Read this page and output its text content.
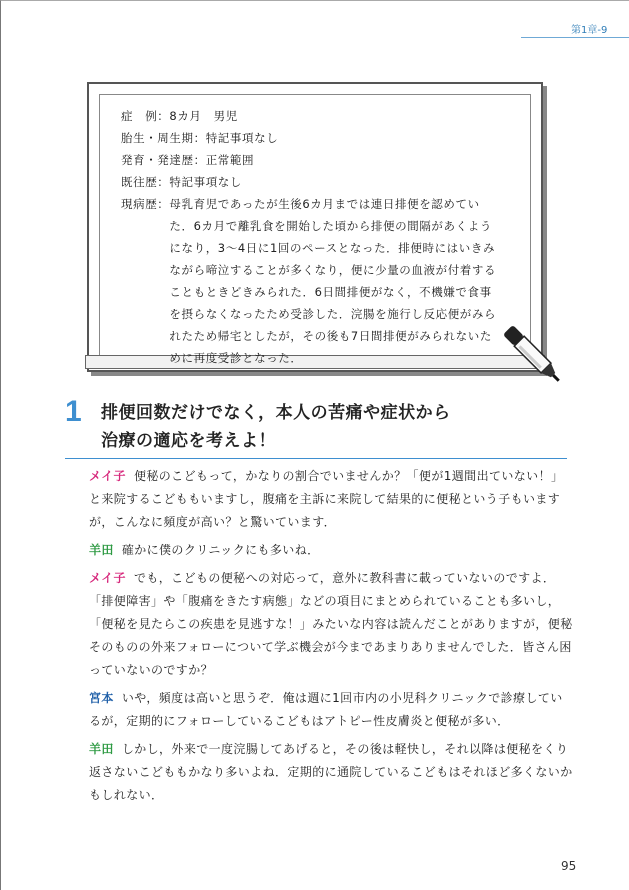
第1章-9
症　例： 8カ月　男児
胎生・周生期： 特記事項なし
発育・発達歴： 正常範囲
既往歴： 特記事項なし
現病歴： 母乳育児であったが生後6カ月までは連日排便を認めていた．6カ月で離乳食を開始した頃から排便の間隔があくようになり，3～4日に1回のペースとなった．排便時にはいきみながら啼泣することが多くなり，便に少量の血液が付着することもときどきみられた．6日間排便がなく，不機嫌で食事を摂らなくなったため受診した．浣腸を施行し反応便がみられたため帰宅としたが，その後も7日間排便がみられないために再度受診となった．
1 排便回数だけでなく，本人の苦痛や症状から
治療の適応を考えよ！
メイ子 便秘のこどもって，かなりの割合でいませんか？「便が1週間出ていない！」と来院するこどももいますし，腹痛を主訴に来院して結果的に便秘という子もいますが，こんなに頻度が高い？と驚いています．
羊田 確かに僕のクリニックにも多いね．
メイ子 でも，こどもの便秘への対応って，意外に教科書に載っていないのですよ．「排便障害」や「腹痛をきたす病態」などの項目にまとめられていることも多いし，「便秘を見たらこの疾患を見逃すな！」みたいな内容は読んだことがありますが，便秘そのものの外来フォローについて学ぶ機会が今まであまりありませんでした．皆さん困っていないのですか？
宮本 いや，頻度は高いと思うぞ．俺は週に1回市内の小児科クリニックで診療しているが，定期的にフォローしているこどもはアトピー性皮膚炎と便秘が多い．
羊田 しかし，外来で一度浣腸してあげると，その後は軽快し，それ以降は便秘をくり返さないこどももかなり多いよね．定期的に通院しているこどもはそれほど多くないかもしれない．
95
